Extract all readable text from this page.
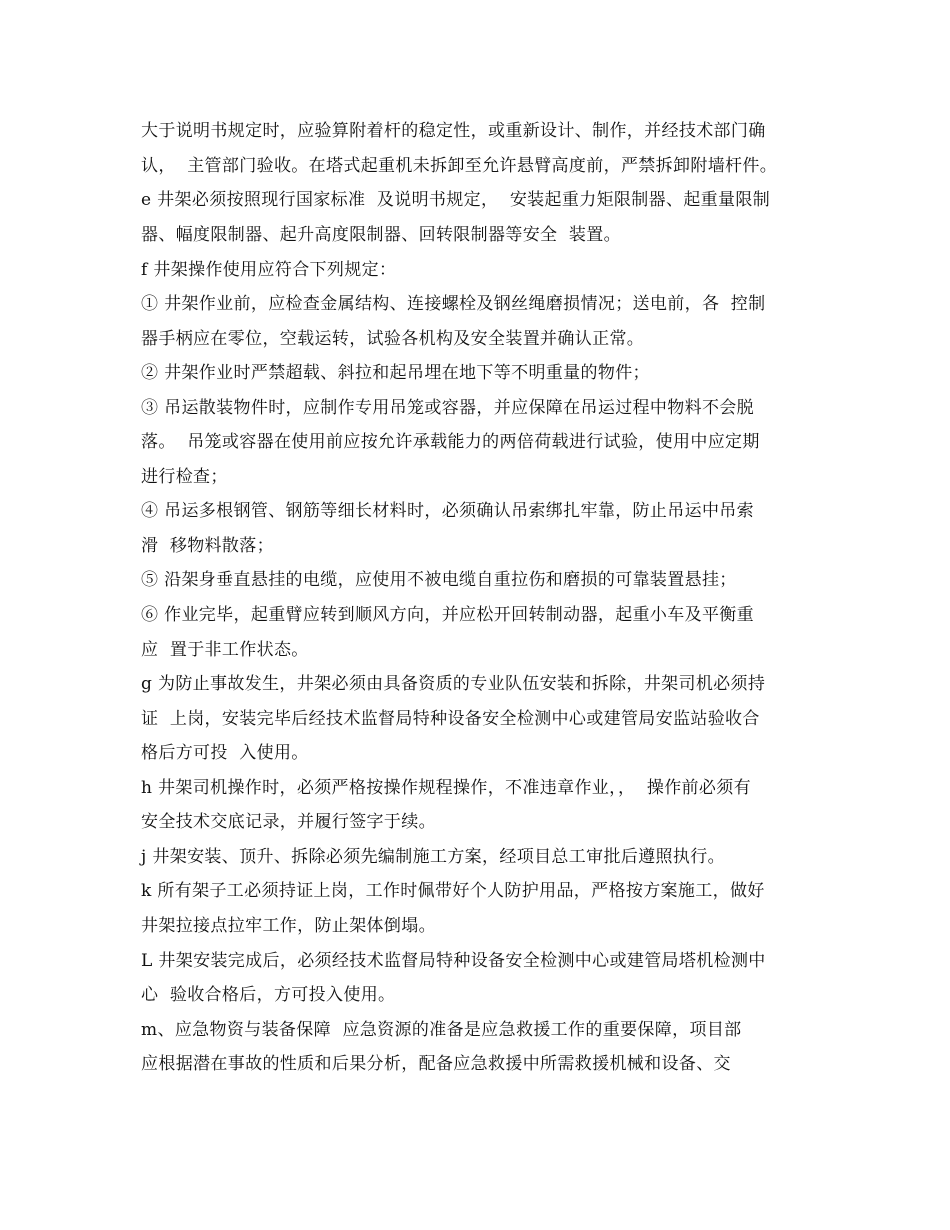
大于说明书规定时，应验算附着杆的稳定性，或重新设计、制作，并经技术部门确
认，  主管部门验收。在塔式起重机未拆卸至允许悬臂高度前，严禁拆卸附墙杆件。
e 井架必须按照现行国家标准  及说明书规定，  安装起重力矩限制器、起重量限制
器、幅度限制器、起升高度限制器、回转限制器等安全  装置。
f 井架操作使用应符合下列规定：
① 井架作业前，应检查金属结构、连接螺栓及钢丝绳磨损情况；送电前，各  控制
器手柄应在零位，空载运转，试验各机构及安全装置并确认正常。
② 井架作业时严禁超载、斜拉和起吊埋在地下等不明重量的物件；
③ 吊运散装物件时，应制作专用吊笼或容器，并应保障在吊运过程中物料不会脱
落。  吊笼或容器在使用前应按允许承载能力的两倍荷载进行试验，使用中应定期
进行检查；
④ 吊运多根钢管、钢筋等细长材料时，必须确认吊索绑扎牢靠，防止吊运中吊索
滑  移物料散落；
⑤ 沿架身垂直悬挂的电缆，应使用不被电缆自重拉伤和磨损的可靠装置悬挂；
⑥ 作业完毕，起重臂应转到顺风方向，并应松开回转制动器，起重小车及平衡重
应  置于非工作状态。
g 为防止事故发生，井架必须由具备资质的专业队伍安装和拆除，井架司机必须持
证  上岗，安装完毕后经技术监督局特种设备安全检测中心或建管局安监站验收合
格后方可投  入使用。
h 井架司机操作时，必须严格按操作规程操作，不准违章作业，，  操作前必须有
安全技术交底记录，并履行签字于续。
j 井架安装、顶升、拆除必须先编制施工方案，经项目总工审批后遵照执行。
k 所有架子工必须持证上岗，工作时佩带好个人防护用品，严格按方案施工，做好
井架拉接点拉牢工作，防止架体倒塌。
L 井架安装完成后，必须经技术监督局特种设备安全检测中心或建管局塔机检测中
心  验收合格后，方可投入使用。
m、应急物资与装备保障  应急资源的准备是应急救援工作的重要保障，项目部
应根据潜在事故的性质和后果分析，配备应急救援中所需救援机械和设备、交
